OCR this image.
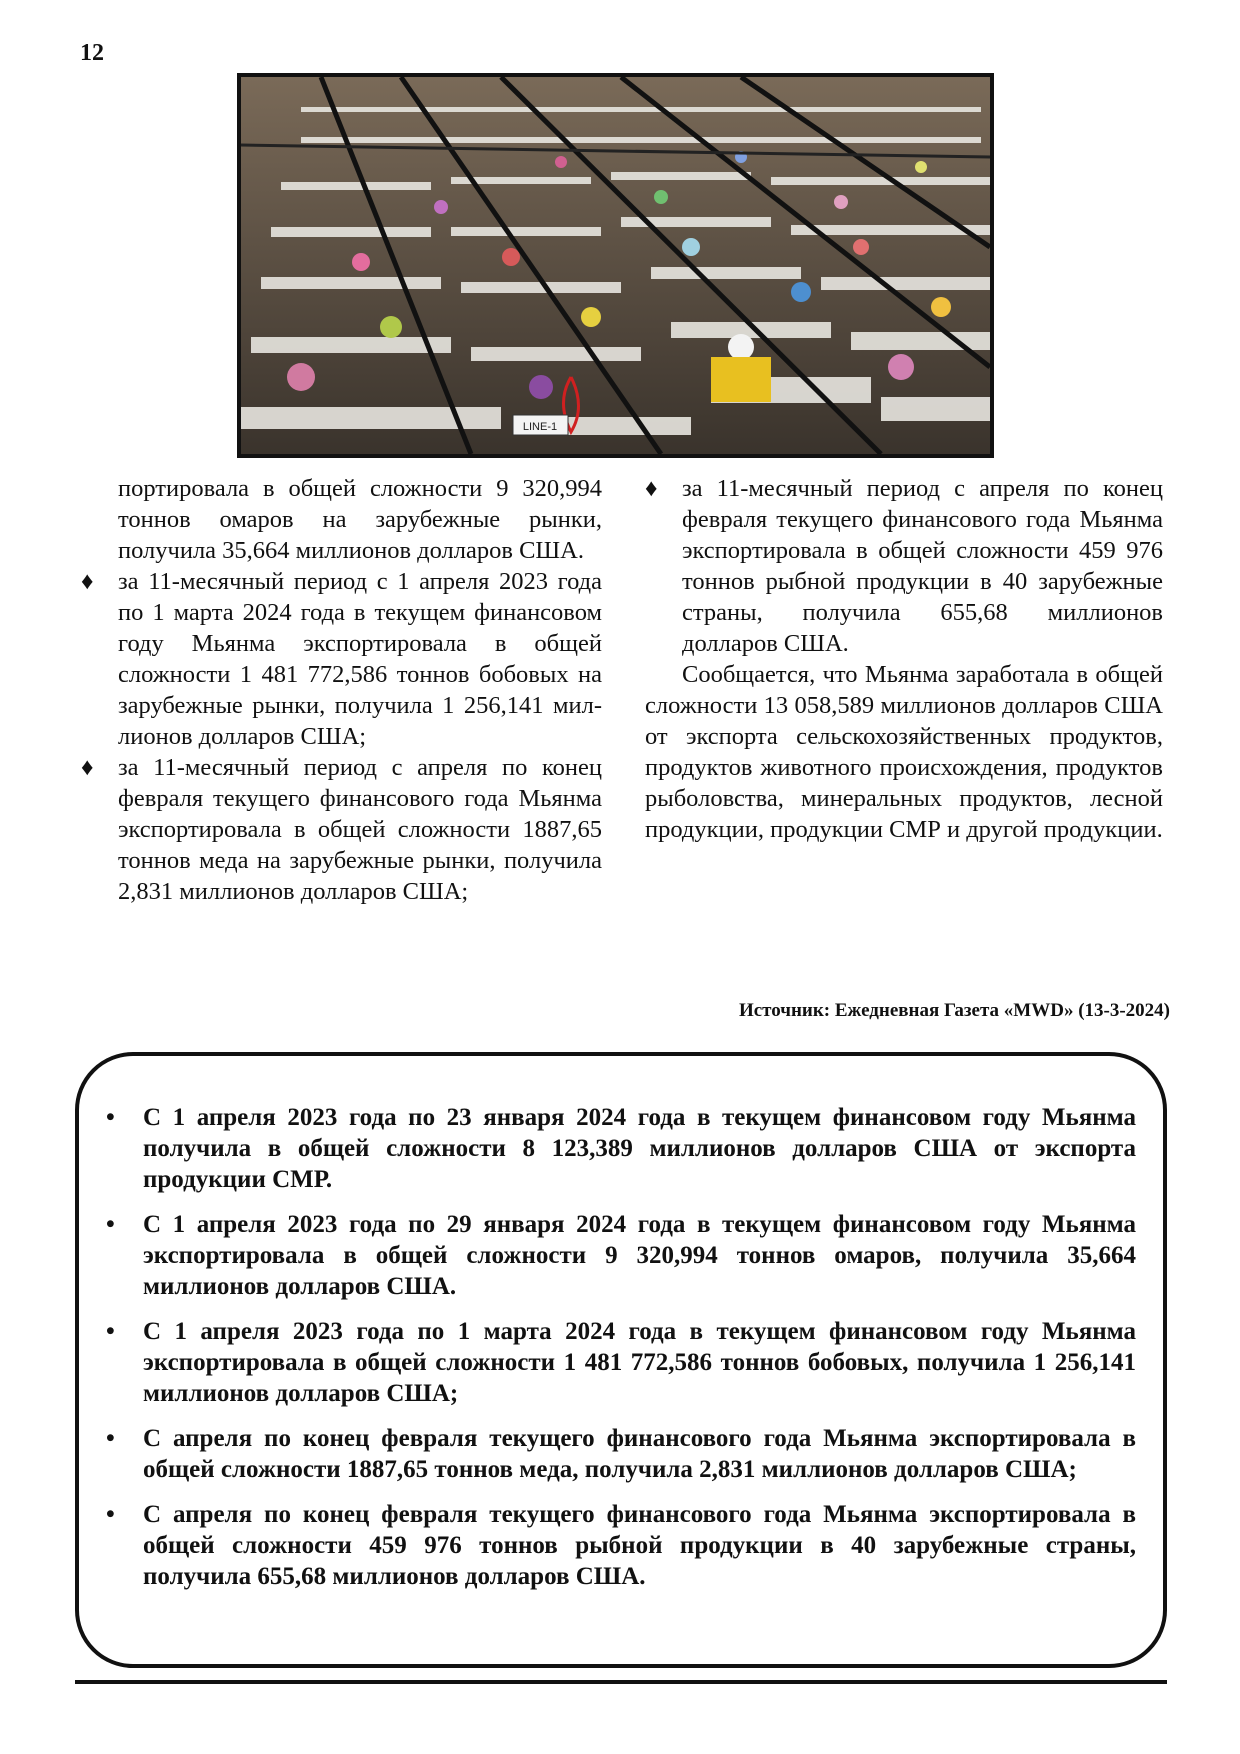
12
LINE-1

портировала в общей сложности 9 320,994 тоннов омаров на зарубежные рынки, получила 35,664 миллионов долларов США.

♦ за 11-месячный период с 1 апреля 2023 года по 1 марта 2024 года в текущем финансовом году Мьянма экспортировала в общей сложности 1 481 772,586 тоннов бобовых на зарубежные рынки, получила 1 256,141 миллионов долларов США;
♦ за 11-месячный период с апреля по конец февраля текущего финансового года Мьянма экспортировала в общей сложности 1887,65 тоннов меда на зарубежные рынки, получила 2,831 миллионов долларов США;
♦ за 11-месячный период с апреля по конец февраля текущего финансового года Мьянма экспортировала в общей сложности 459 976 тоннов рыбной продукции в 40 зарубежные страны, получила 655,68 миллионов долларов США.

Сообщается, что Мьянма заработала в общей сложности 13 058,589 миллионов долларов США от экспорта сельскохозяйственных продуктов, продуктов животного происхождения, продуктов рыболовства, минеральных продуктов, лесной продукции, продукции СМР и другой продукции.

Источник: Ежедневная Газета «MWD» (13-3-2024)
• С 1 апреля 2023 года по 23 января 2024 года в текущем финансовом году Мьянма получила в общей сложности 8 123,389 миллионов долларов США от экспорта продукции СМР.
• С 1 апреля 2023 года по 29 января 2024 года в текущем финансовом году Мьянма экспортировала в общей сложности 9 320,994 тоннов омаров, получила 35,664 миллионов долларов США.
• С 1 апреля 2023 года по 1 марта 2024 года в текущем финансовом году Мьянма экспортировала в общей сложности 1 481 772,586 тоннов бобовых, получила 1 256,141 миллионов долларов США;
• С апреля по конец февраля текущего финансового года Мьянма экспортировала в общей сложности 1887,65 тоннов меда, получила 2,831 миллионов долларов США;
• С апреля по конец февраля текущего финансового года Мьянма экспортировала в общей сложности 459 976 тоннов рыбной продукции в 40 зарубежные страны, получила 655,68 миллионов долларов США.
